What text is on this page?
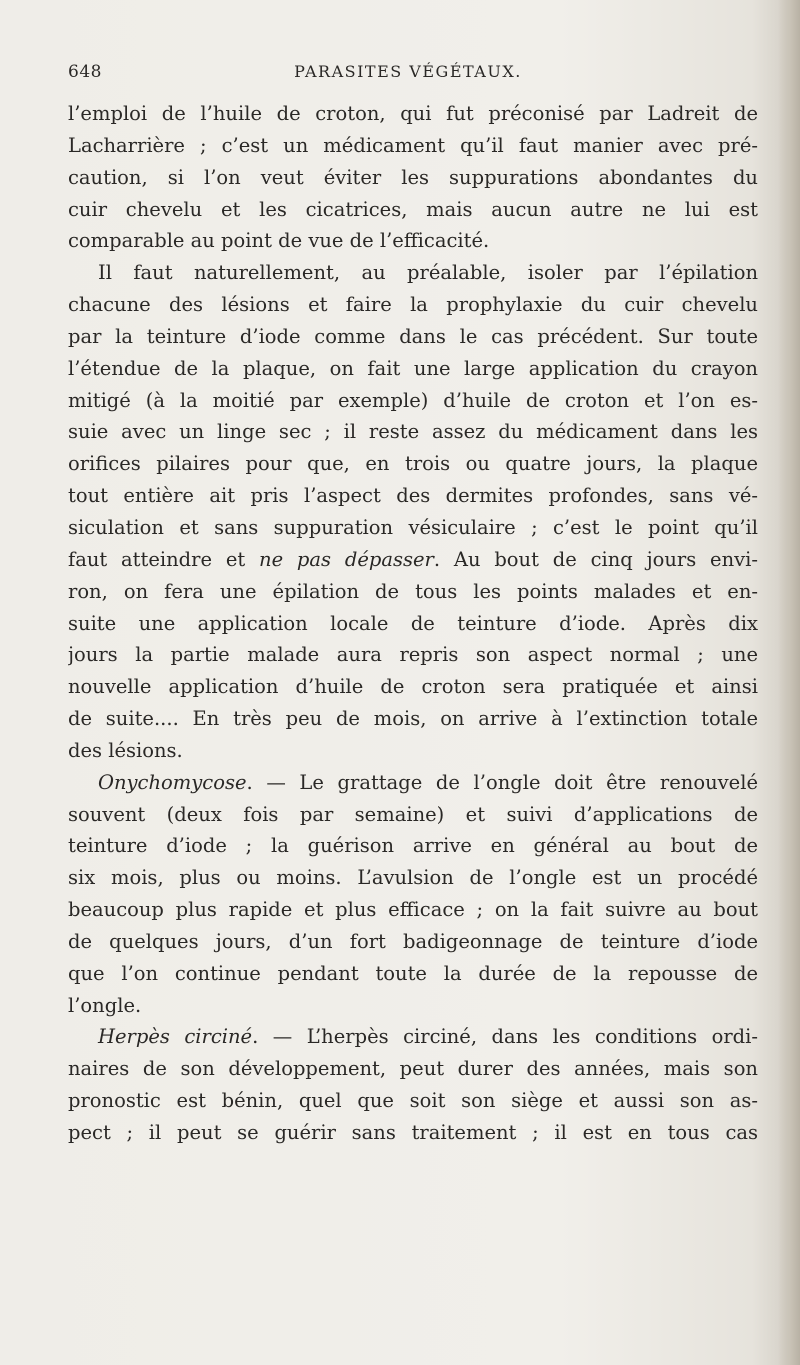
648	PARASITES VÉGÉTAUX.
l’emploi de l’huile de croton, qui fut préconisé par Ladreit de
Lacharrière ; c’est un médicament qu’il faut manier avec pré-
caution, si l’on veut éviter les suppurations abondantes du
cuir chevelu et les cicatrices, mais aucun autre ne lui est
comparable au point de vue de l’efficacité.
Il faut naturellement, au préalable, isoler par l’épilation
chacune des lésions et faire la prophylaxie du cuir chevelu
par la teinture d’iode comme dans le cas précédent. Sur toute
l’étendue de la plaque, on fait une large application du crayon
mitigé (à la moitié par exemple) d’huile de croton et l’on es-
suie avec un linge sec ; il reste assez du médicament dans les
orifices pilaires pour que, en trois ou quatre jours, la plaque
tout entière ait pris l’aspect des dermites profondes, sans vé-
siculation et sans suppuration vésiculaire ; c’est le point qu’il
faut atteindre et ne pas dépasser. Au bout de cinq jours envi-
ron, on fera une épilation de tous les points malades et en-
suite une application locale de teinture d’iode. Après dix
jours la partie malade aura repris son aspect normal ; une
nouvelle application d’huile de croton sera pratiquée et ainsi
de suite.... En très peu de mois, on arrive à l’extinction totale
des lésions.
Onychomycose. — Le grattage de l’ongle doit être renouvelé
souvent (deux fois par semaine) et suivi d’applications de
teinture d’iode ; la guérison arrive en général au bout de
six mois, plus ou moins. L’avulsion de l’ongle est un procédé
beaucoup plus rapide et plus efficace ; on la fait suivre au bout
de quelques jours, d’un fort badigeonnage de teinture d’iode
que l’on continue pendant toute la durée de la repousse de
l’ongle.
Herpès circiné. — L’herpès circiné, dans les conditions ordi-
naires de son développement, peut durer des années, mais son
pronostic est bénin, quel que soit son siège et aussi son as-
pect ; il peut se guérir sans traitement ; il est en tous cas
